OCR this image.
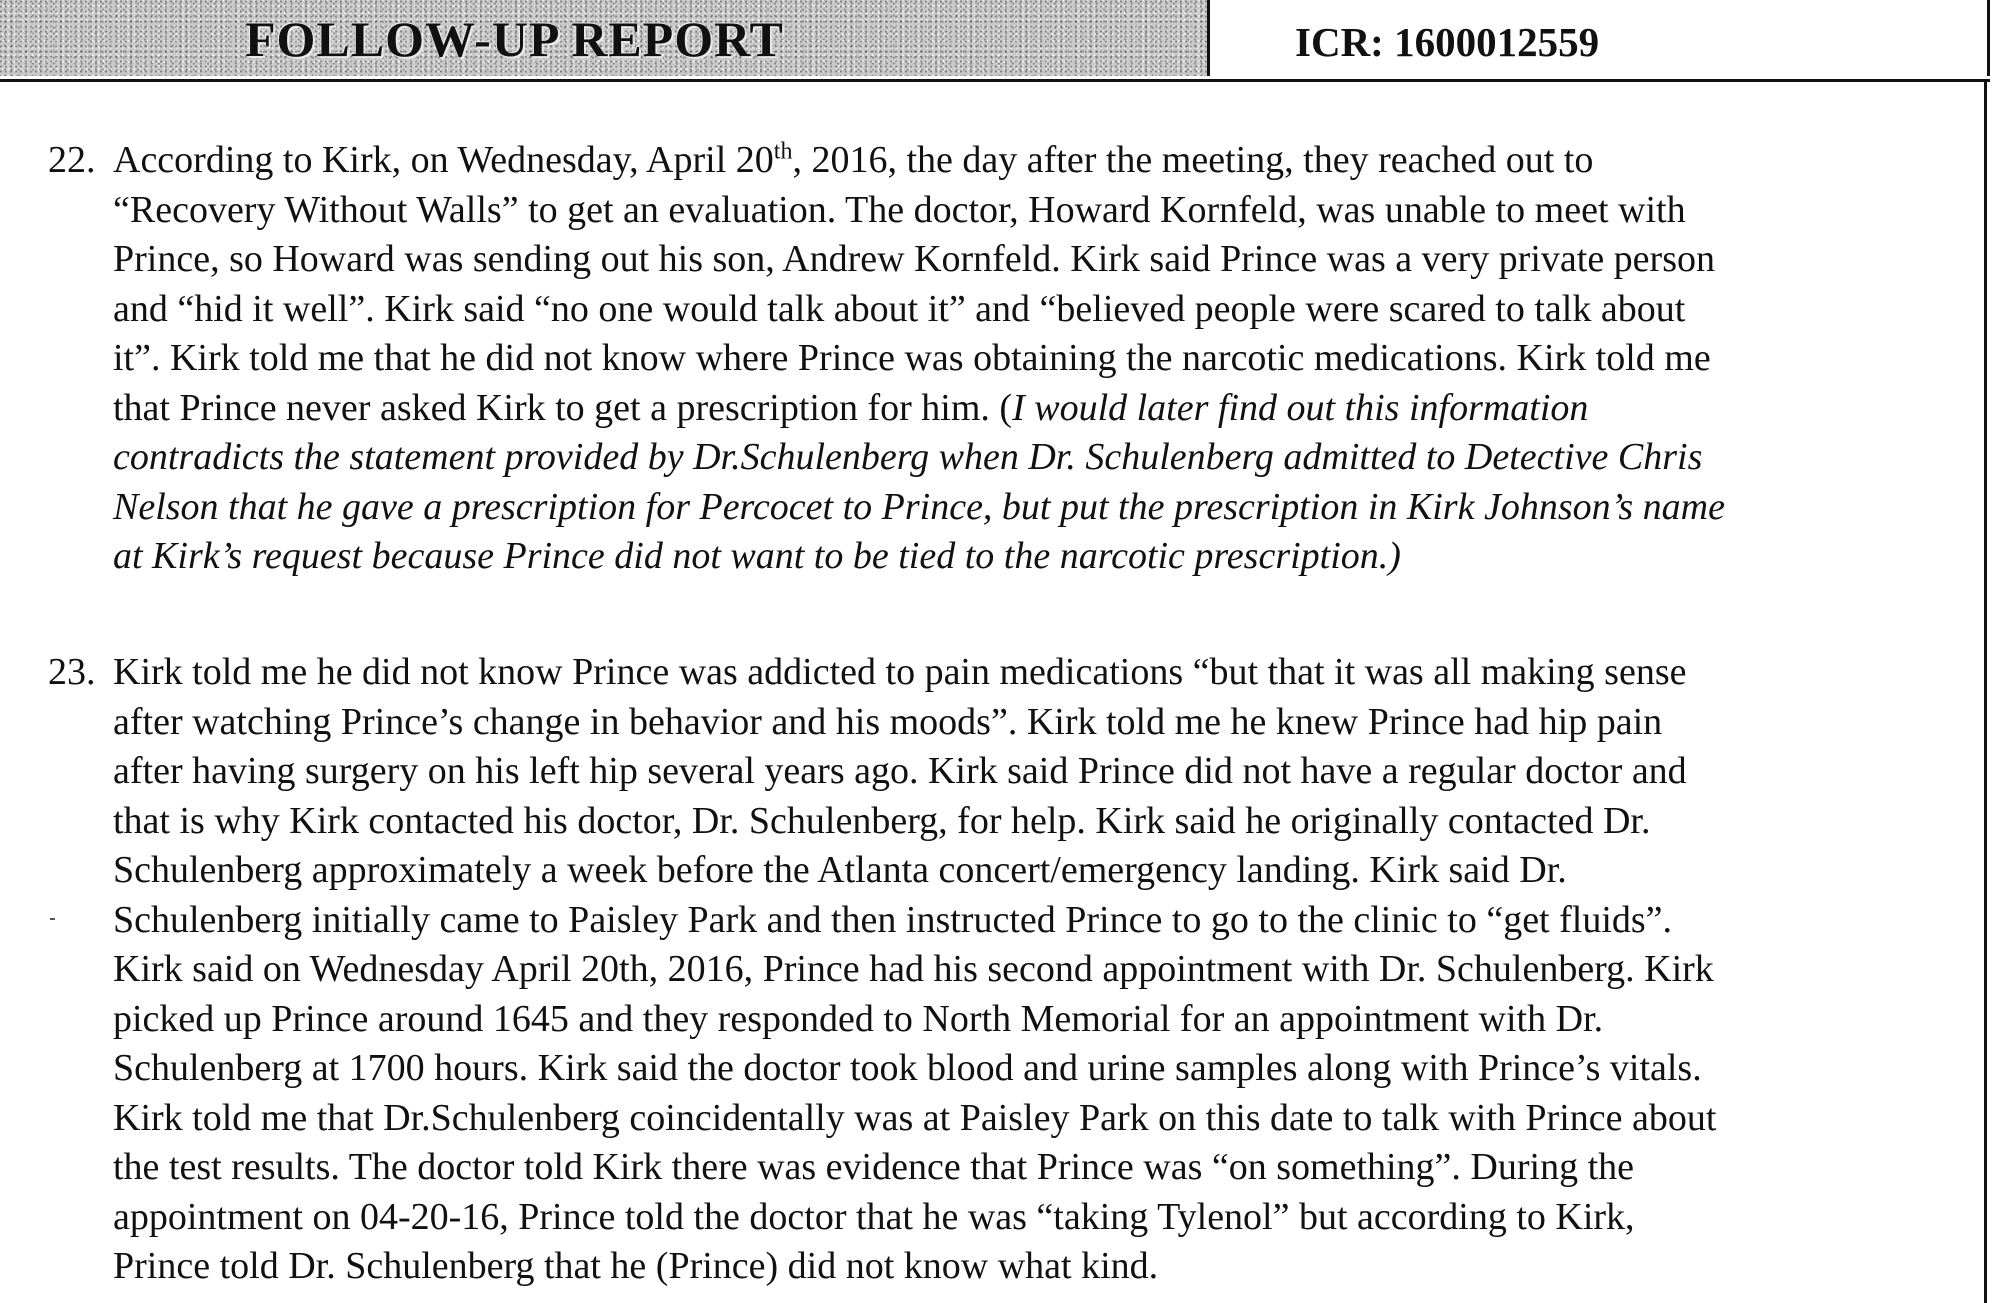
FOLLOW-UP REPORT	ICR: 1600012559
22. According to Kirk, on Wednesday, April 20th, 2016, the day after the meeting, they reached out to
“Recovery Without Walls” to get an evaluation. The doctor, Howard Kornfeld, was unable to meet with
Prince, so Howard was sending out his son, Andrew Kornfeld. Kirk said Prince was a very private person
and “hid it well”. Kirk said “no one would talk about it” and “believed people were scared to talk about
it”. Kirk told me that he did not know where Prince was obtaining the narcotic medications. Kirk told me
that Prince never asked Kirk to get a prescription for him. (I would later find out this information
contradicts the statement provided by Dr.Schulenberg when Dr. Schulenberg admitted to Detective Chris
Nelson that he gave a prescription for Percocet to Prince, but put the prescription in Kirk Johnson’s name
at Kirk’s request because Prince did not want to be tied to the narcotic prescription.)
23. Kirk told me he did not know Prince was addicted to pain medications “but that it was all making sense
after watching Prince’s change in behavior and his moods”. Kirk told me he knew Prince had hip pain
after having surgery on his left hip several years ago. Kirk said Prince did not have a regular doctor and
that is why Kirk contacted his doctor, Dr. Schulenberg, for help. Kirk said he originally contacted Dr.
Schulenberg approximately a week before the Atlanta concert/emergency landing. Kirk said Dr.
Schulenberg initially came to Paisley Park and then instructed Prince to go to the clinic to “get fluids”.
Kirk said on Wednesday April 20th, 2016, Prince had his second appointment with Dr. Schulenberg. Kirk
picked up Prince around 1645 and they responded to North Memorial for an appointment with Dr.
Schulenberg at 1700 hours. Kirk said the doctor took blood and urine samples along with Prince’s vitals.
Kirk told me that Dr.Schulenberg coincidentally was at Paisley Park on this date to talk with Prince about
the test results. The doctor told Kirk there was evidence that Prince was “on something”. During the
appointment on 04-20-16, Prince told the doctor that he was “taking Tylenol” but according to Kirk,
Prince told Dr. Schulenberg that he (Prince) did not know what kind.
